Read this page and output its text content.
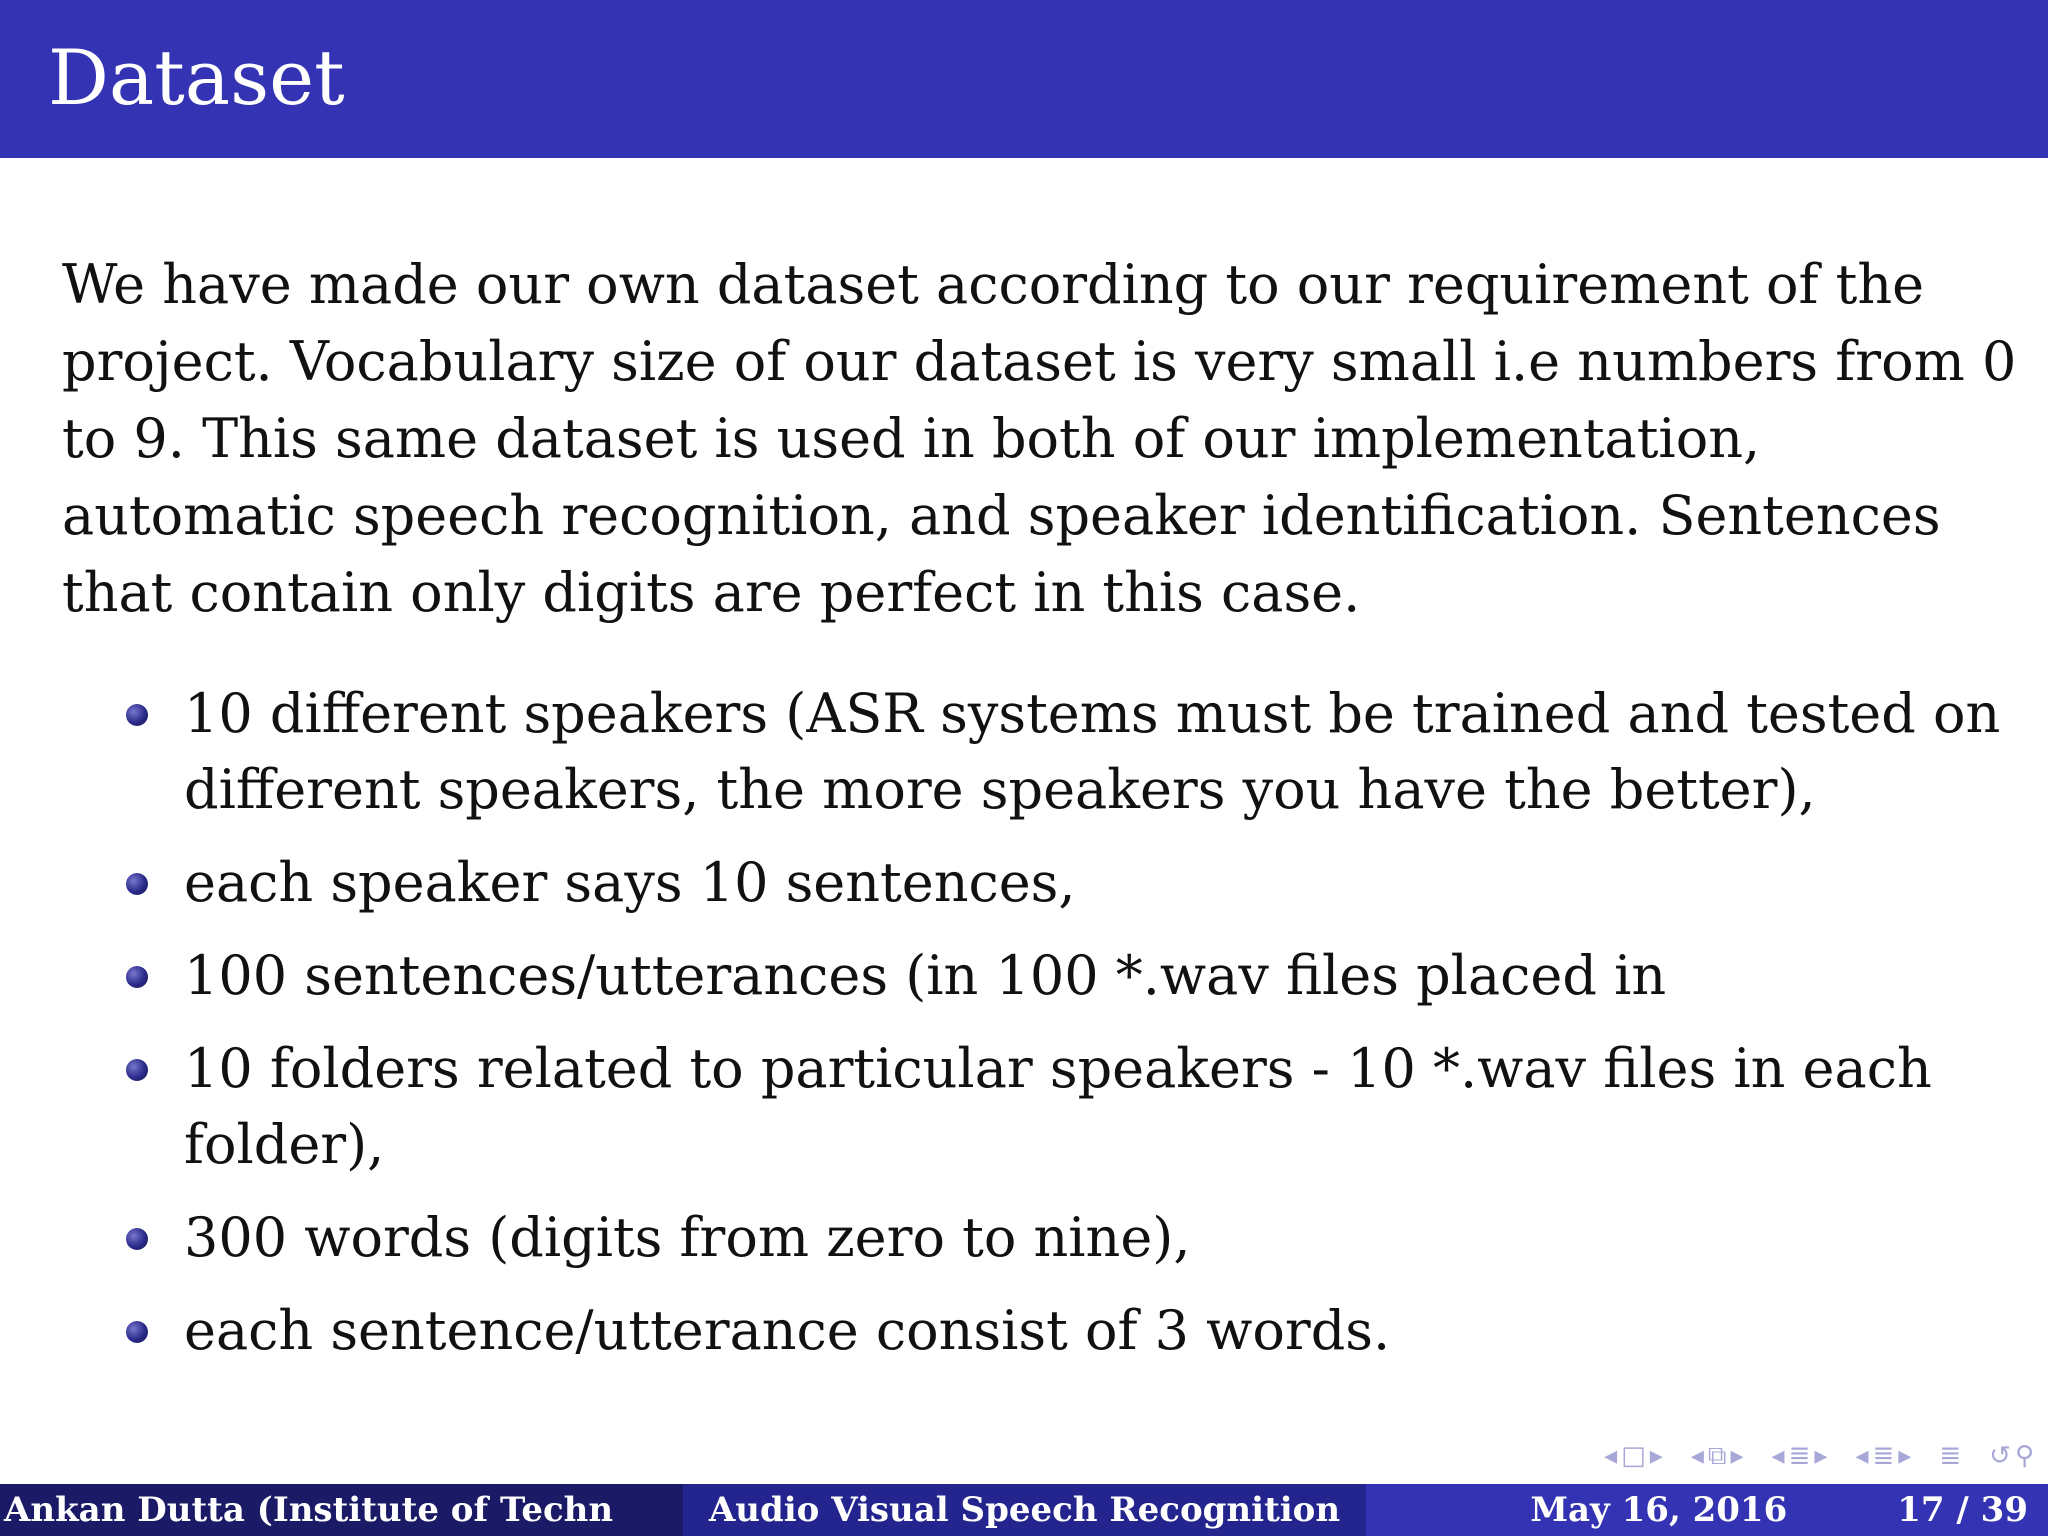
Dataset

We have made our own dataset according to our requirement of the project. Vocabulary size of our dataset is very small i.e numbers from 0 to 9. This same dataset is used in both of our implementation, automatic speech recognition, and speaker identification. Sentences that contain only digits are perfect in this case.

10 different speakers (ASR systems must be trained and tested on different speakers, the more speakers you have the better),
each speaker says 10 sentences,
100 sentences/utterances (in 100 *.wav files placed in
10 folders related to particular speakers - 10 *.wav files in each folder),
300 words (digits from zero to nine),
each sentence/utterance consist of 3 words.
◂ □ ▸ ◂ ⧉ ▸ ◂ ≣ ▸ ◂ ≣ ▸ ≣ ↺ ⚲
Ankan Dutta (Institute of Techn	Audio Visual Speech Recognition	May 16, 2016	17 / 39
